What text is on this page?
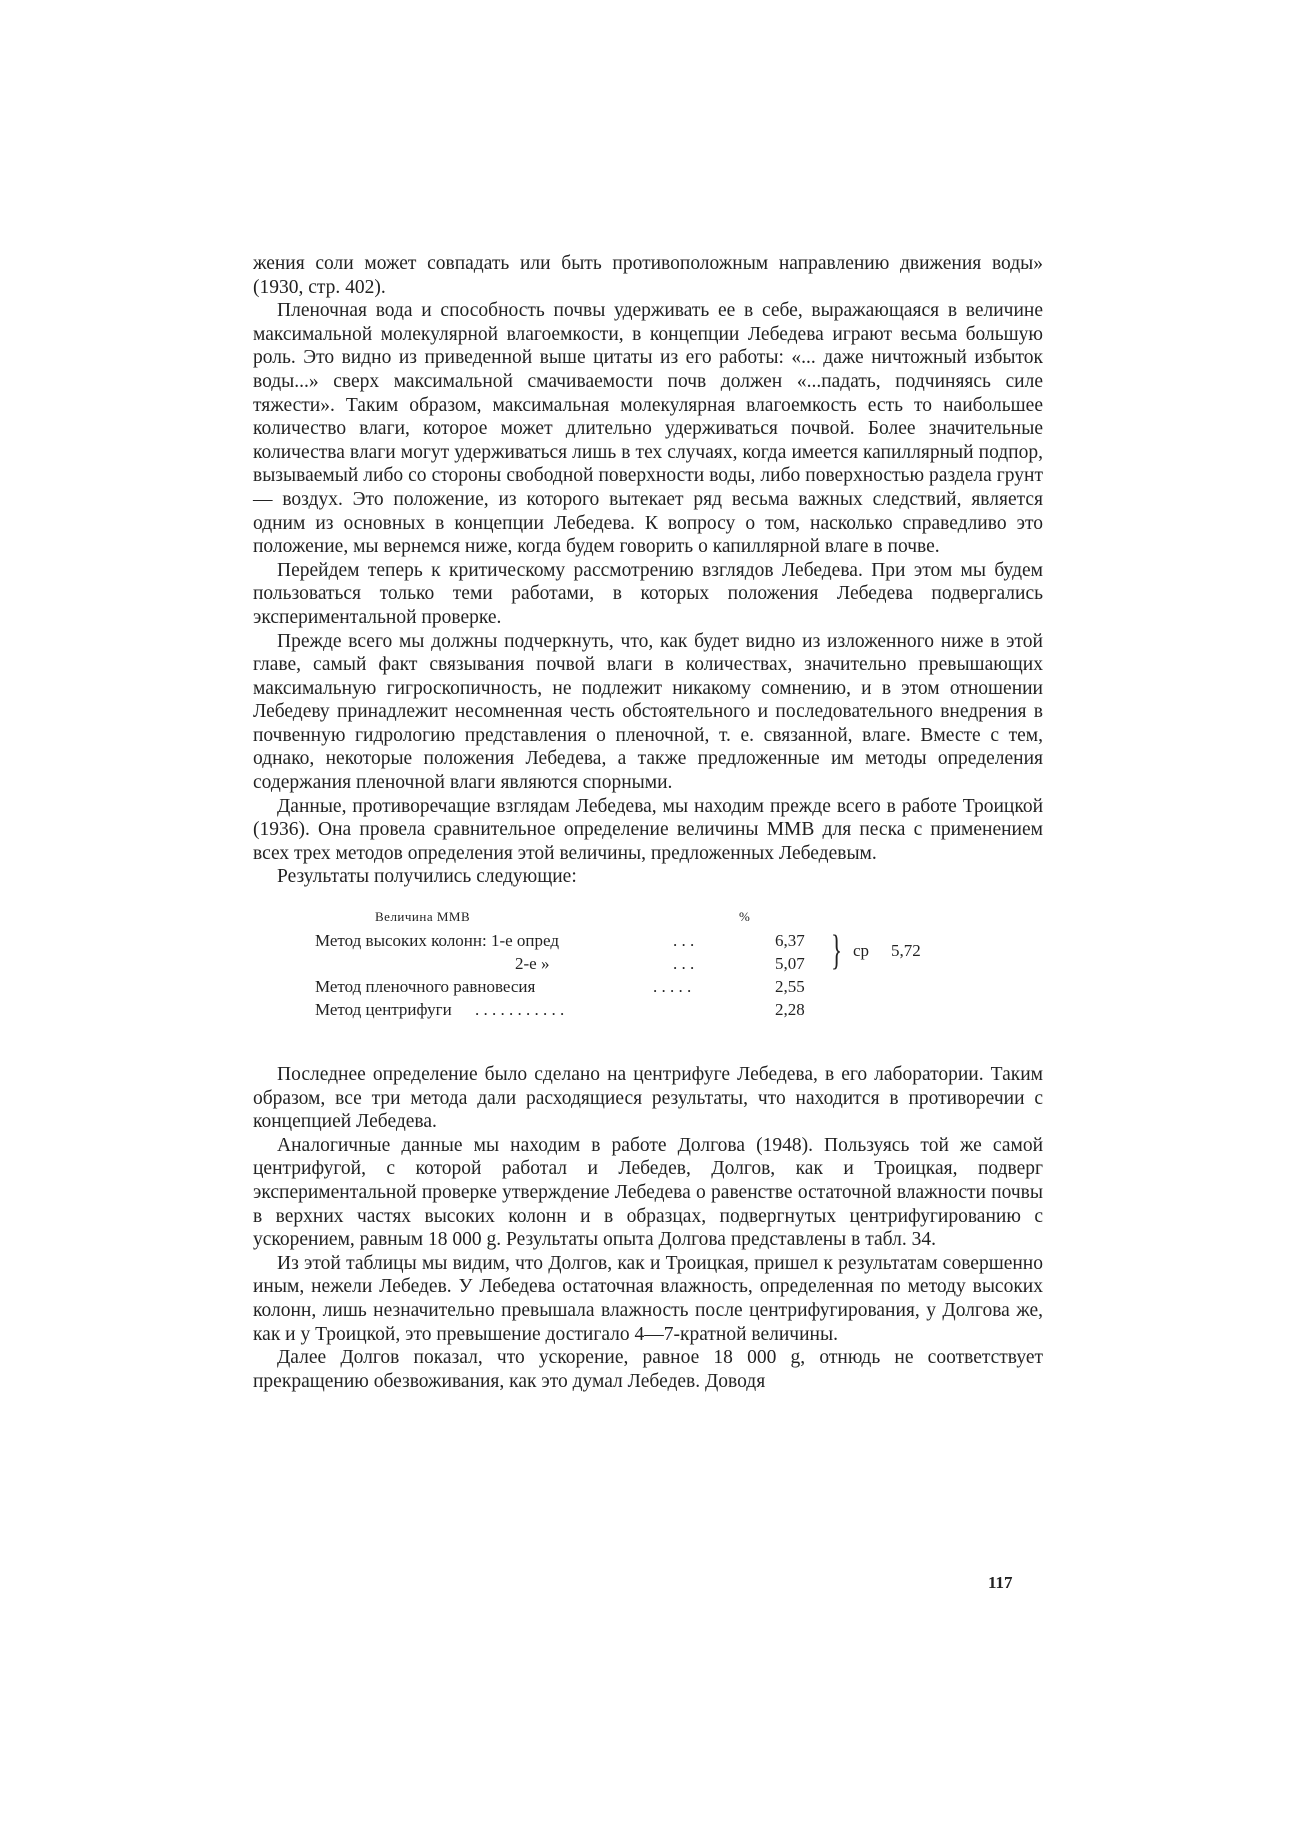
жения соли может совпадать или быть противоположным направлению движения воды» (1930, стр. 402).

Пленочная вода и способность почвы удерживать ее в себе, выражающаяся в величине максимальной молекулярной влагоемкости, в концепции Лебедева играют весьма большую роль. Это видно из приведенной выше цитаты из его работы: «... даже ничтожный избыток воды...» сверх максимальной смачиваемости почв должен «...падать, подчиняясь силе тяжести». Таким образом, максимальная молекулярная влагоемкость есть то наибольшее количество влаги, которое может длительно удерживаться почвой. Более значительные количества влаги могут удерживаться лишь в тех случаях, когда имеется капиллярный подпор, вызываемый либо со стороны свободной поверхности воды, либо поверхностью раздела грунт — воздух. Это положение, из которого вытекает ряд весьма важных следствий, является одним из основных в концепции Лебедева. К вопросу о том, насколько справедливо это положение, мы вернемся ниже, когда будем говорить о капиллярной влаге в почве.

Перейдем теперь к критическому рассмотрению взглядов Лебедева. При этом мы будем пользоваться только теми работами, в которых положения Лебедева подвергались экспериментальной проверке.

Прежде всего мы должны подчеркнуть, что, как будет видно из изложенного ниже в этой главе, самый факт связывания почвой влаги в количествах, значительно превышающих максимальную гигроскопичность, не подлежит никакому сомнению, и в этом отношении Лебедеву принадлежит несомненная честь обстоятельного и последовательного внедрения в почвенную гидрологию представления о пленочной, т. е. связанной, влаге. Вместе с тем, однако, некоторые положения Лебедева, а также предложенные им методы определения содержания пленочной влаги являются спорными.

Данные, противоречащие взглядам Лебедева, мы находим прежде всего в работе Троицкой (1936). Она провела сравнительное определение величины ММВ для песка с применением всех трех методов определения этой величины, предложенных Лебедевым.

Результаты получились следующие:

Величина ММВ	%
Метод высоких колонн: 1-е опред	. . .	6,37
2-е »	. . .	5,07 } ср 5,72
Метод пленочного равновесия	. . . . .	2,55
Метод центрифуги . . . . . . . . . . .	2,28

Последнее определение было сделано на центрифуге Лебедева, в его лаборатории. Таким образом, все три метода дали расходящиеся результаты, что находится в противоречии с концепцией Лебедева.

Аналогичные данные мы находим в работе Долгова (1948). Пользуясь той же самой центрифугой, с которой работал и Лебедев, Долгов, как и Троицкая, подверг экспериментальной проверке утверждение Лебедева о равенстве остаточной влажности почвы в верхних частях высоких колонн и в образцах, подвергнутых центрифугированию с ускорением, равным 18 000 g. Результаты опыта Долгова представлены в табл. 34.

Из этой таблицы мы видим, что Долгов, как и Троицкая, пришел к результатам совершенно иным, нежели Лебедев. У Лебедева остаточная влажность, определенная по методу высоких колонн, лишь незначительно превышала влажность после центрифугирования, у Долгова же, как и у Троицкой, это превышение достигало 4—7-кратной величины.

Далее Долгов показал, что ускорение, равное 18 000 g, отнюдь не соответствует прекращению обезвоживания, как это думал Лебедев. Доводя

117
